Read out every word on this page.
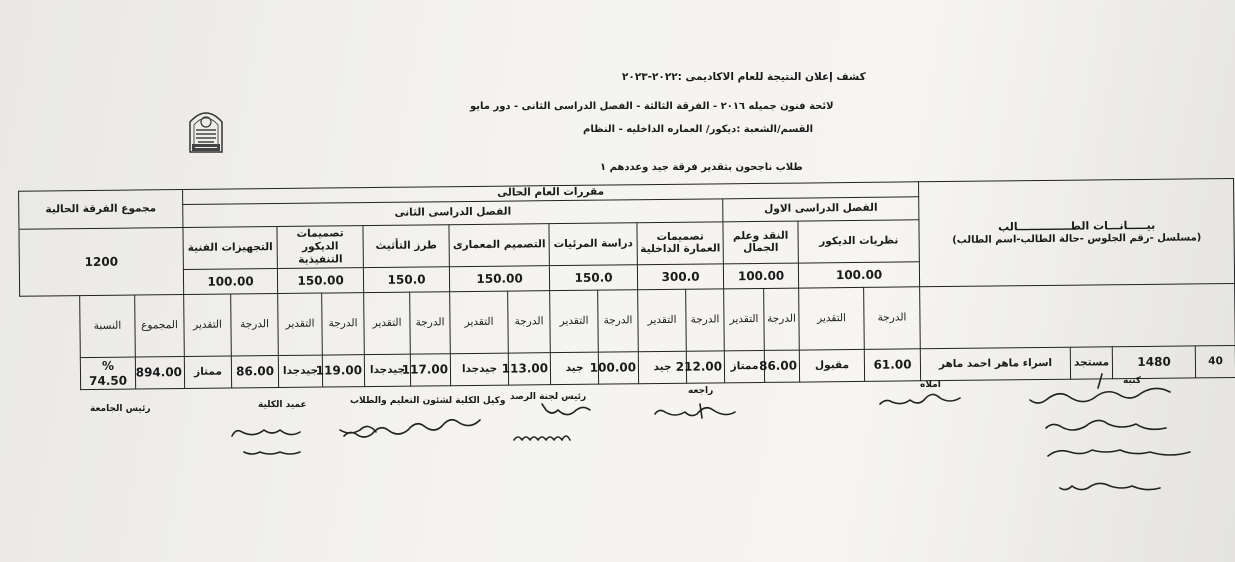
كشف إعلان النتيجة للعام الاكاديمى :٢٠٢٢-٢٠٢٣
لائحة فنون جميله ٢٠١٦ - الفرقة الثالثة - الفصل الدراسى الثانى - دور مايو
القسم/الشعبة :ديكور/ العماره الداخليه - النظام
طلاب ناجحون بتقدير فرقة جيد وعددهم ١
بيـــــانـــات الطــــــــــــــالب
(مسلسل -رقم الجلوس -حالة الطالب-اسم الطالب)				مقررات العام الحالى																مجموع الفرقة الحالية	
				الفصل الدراسى الاول				الفصل الدراسى الثانى													
				نظريات الديكور		النقد وعلم الجمال		تصميمات العمارة الداخلية		دراسة المرئيات		التصميم المعمارى		طرز التأثيث		تصميمات الديكور التنفيذية		التجهيزات الفنية		1200	
				100.00		100.00		300.0		150.0		150.00		150.0		150.00		100.00			
				الدرجة	التقدير	الدرجة	التقدير	الدرجة	التقدير	الدرجة	التقدير	الدرجة	التقدير	الدرجة	التقدير	الدرجة	التقدير	الدرجة	التقدير	المجموع	النسبة
40	1480	مستجد	اسراء ماهر احمد ماهر	61.00	مقبول	86.00	ممتاز	212.00	جيد	100.00	جيد	113.00	جيدجدا	117.00	جيدجدا	119.00	جيدجدا	86.00	ممتاز	894.00	% 74.50	كتبه
املاه
راجعه
رئيس لجنة الرصد
وكيل الكلية لشئون التعليم والطلاب
عميد الكلية
رئيس الجامعة
